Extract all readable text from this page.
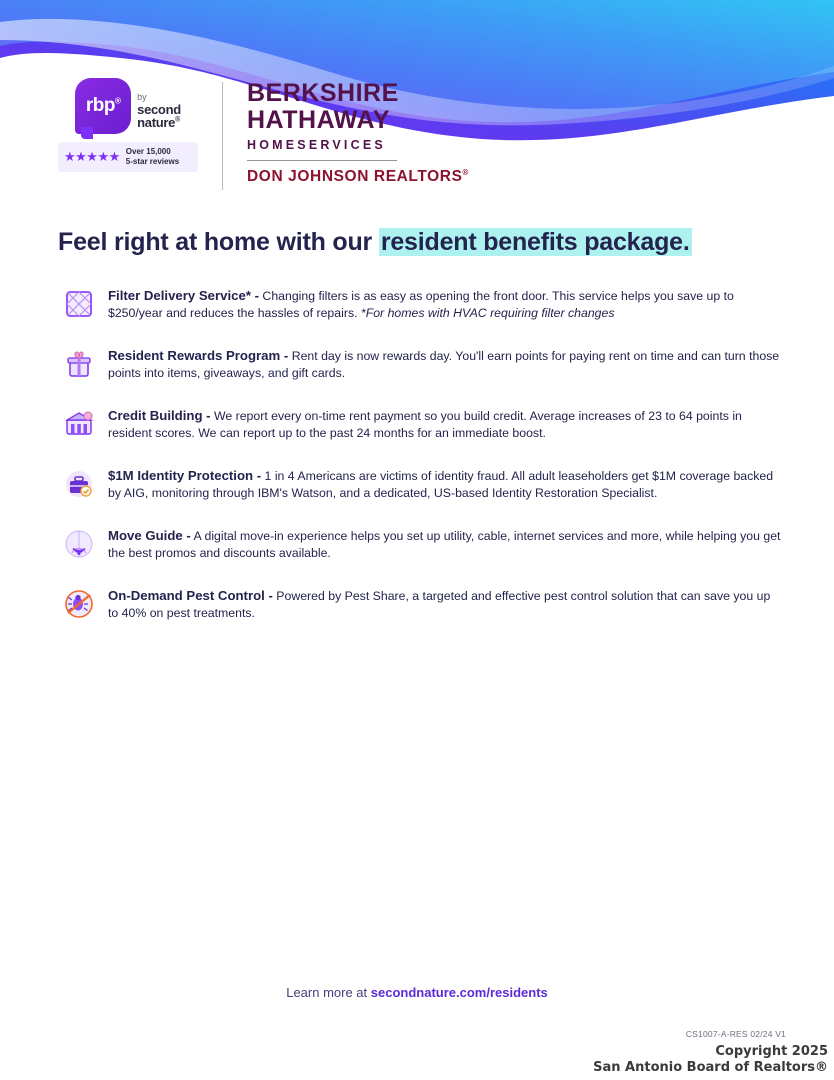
rbp® by
second
nature®
★★★★★ Over 15,000
5-star reviews
BERKSHIRE
HATHAWAY
HOMESERVICES
DON JOHNSON REALTORS®
Feel right at home with our resident benefits package.
Filter Delivery Service* - Changing filters is as easy as opening the front door. This service helps you save up to $250/year and reduces the hassles of repairs. *For homes with HVAC requiring filter changes
Resident Rewards Program - Rent day is now rewards day. You'll earn points for paying rent on time and can turn those points into items, giveaways, and gift cards.
Credit Building - We report every on-time rent payment so you build credit. Average increases of 23 to 64 points in resident scores. We can report up to the past 24 months for an immediate boost.
$1M Identity Protection - 1 in 4 Americans are victims of identity fraud. All adult leaseholders get $1M coverage backed by AIG, monitoring through IBM's Watson, and a dedicated, US-based Identity Restoration Specialist.
Move Guide - A digital move-in experience helps you set up utility, cable, internet services and more, while helping you get the best promos and discounts available.
On-Demand Pest Control - Powered by Pest Share, a targeted and effective pest control solution that can save you up to 40% on pest treatments.
Learn more at secondnature.com/residents
CS1007-A-RES 02/24 V1
Copyright 2025
San Antonio Board of Realtors®
